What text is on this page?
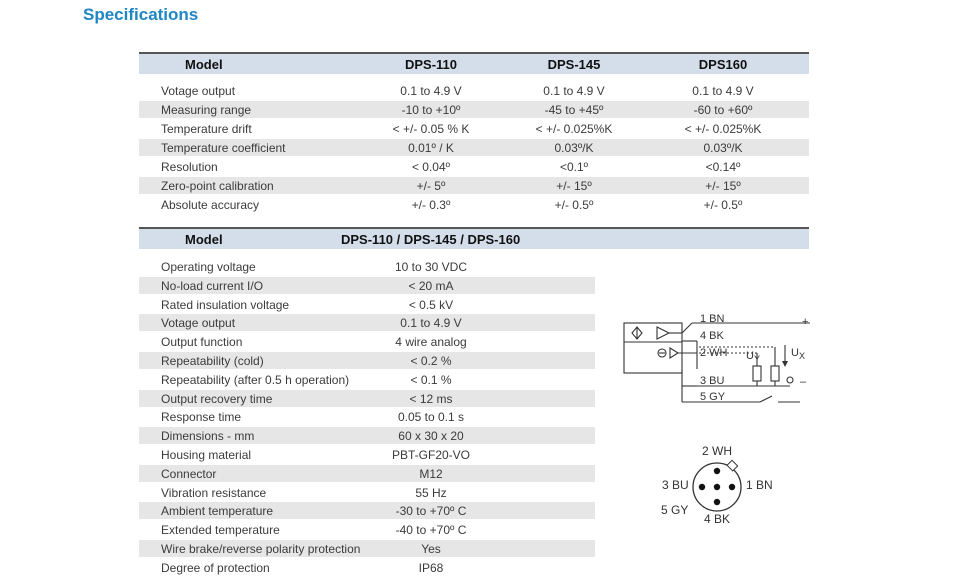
Specifications
Model	DPS-110	DPS-145	DPS160
Votage output	0.1 to 4.9 V	0.1 to 4.9 V	0.1 to 4.9 V
Measuring range	-10 to +10º	-45 to +45º	-60 to +60º
Temperature drift	< +/- 0.05 % K	< +/- 0.025%K	< +/- 0.025%K
Temperature coefficient	0.01º / K	0.03º/K	0.03º/K
Resolution	< 0.04º	<0.1º	<0.14º
Zero-point calibration	+/- 5º	+/- 15º	+/- 15º
Absolute accuracy	+/- 0.3º	+/- 0.5º	+/- 0.5º
Model	DPS-110 / DPS-145 / DPS-160
Operating voltage	10 to 30 VDC
No-load current I/O	< 20 mA
Rated insulation voltage	< 0.5 kV
Votage output	0.1 to 4.9 V
Output function	4 wire analog
Repeatability (cold)	< 0.2 %
Repeatability (after 0.5 h operation)	< 0.1 %
Output recovery time	< 12 ms
Response time	0.05 to 0.1 s
Dimensions - mm	60 x 30 x 20
Housing material	PBT-GF20-VO
Connector	M12
Vibration resistance	55 Hz
Ambient temperature	-30 to +70º C
Extended temperature	-40 to +70º C
Wire brake/reverse polarity protection	Yes
Degree of protection	IP68
1 BN
4 BK
2 WH
3 BU
5 GY
+
–
$U_Y$	$U_X$
2 WH
1 BN
3 BU
5 GY
4 BK
